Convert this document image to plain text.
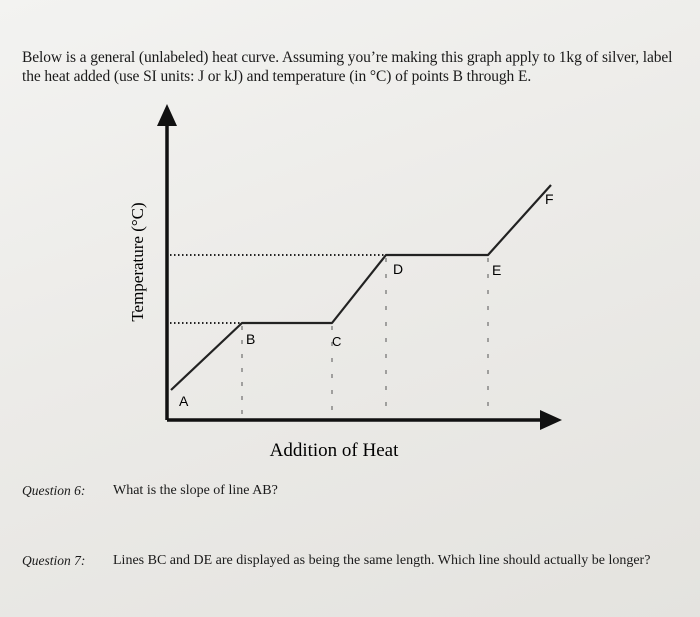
Below is a general (unlabeled) heat curve. Assuming you’re making this graph apply to 1kg of silver, label the heat added (use SI units: J or kJ) and temperature (in °C) of points B through E.
A
B	C
D	E
F
Temperature (°C)
Addition of Heat
Question 6: What is the slope of line AB?
Question 7: Lines BC and DE are displayed as being the same length. Which line should actually be longer?
